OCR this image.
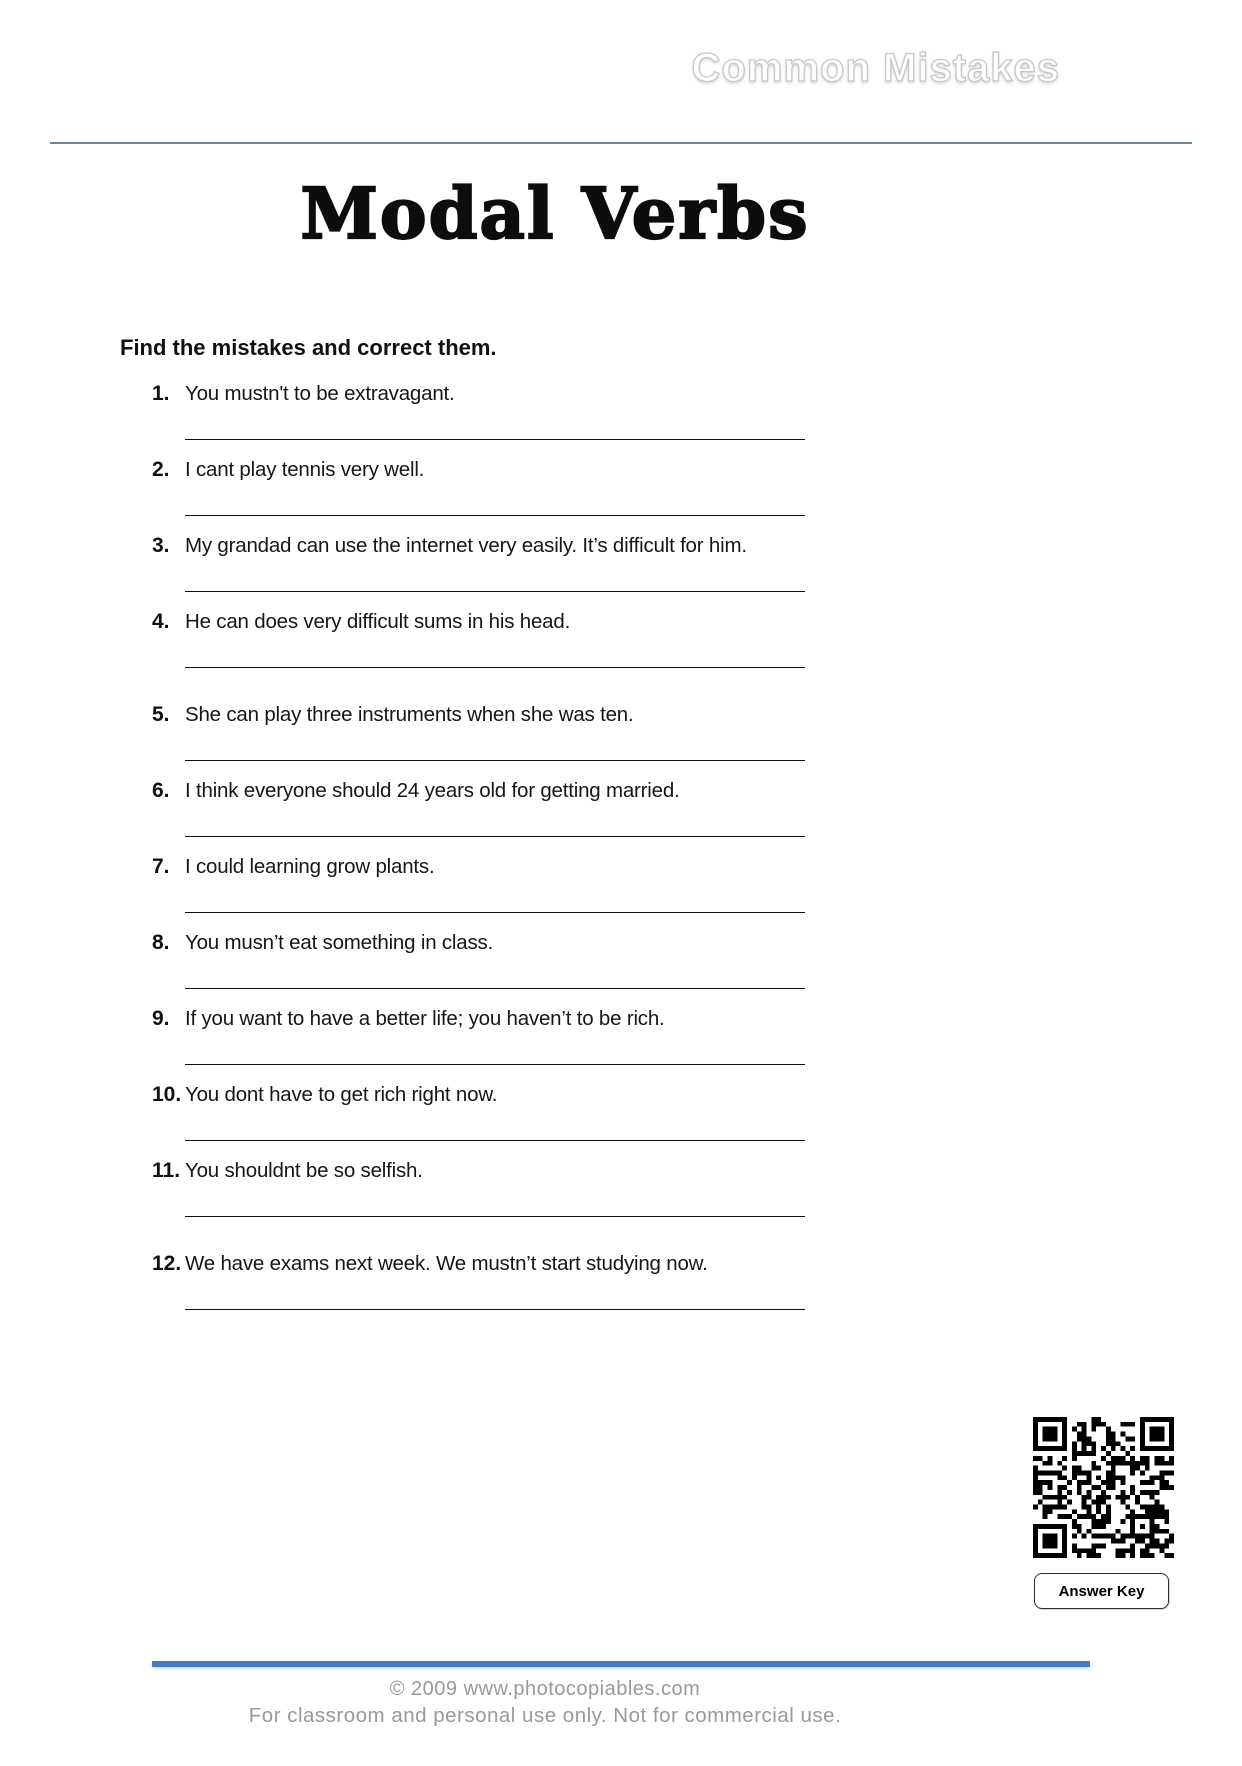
Common Mistakes
Modal Verbs
Find the mistakes and correct them.
1. You mustn't to be extravagant.
2. I cant play tennis very well.
3. My grandad can use the internet very easily. It’s difficult for him.
4. He can does very difficult sums in his head.
5. She can play three instruments when she was ten.
6. I think everyone should 24 years old for getting married.
7. I could learning grow plants.
8. You musn’t eat something in class.
9. If you want to have a better life; you haven’t to be rich.
10. You dont have to get rich right now.
11. You shouldnt be so selfish.
12. We have exams next week. We mustn’t start studying now.
Answer Key
© 2009 www.photocopiables.com
For classroom and personal use only. Not for commercial use.
